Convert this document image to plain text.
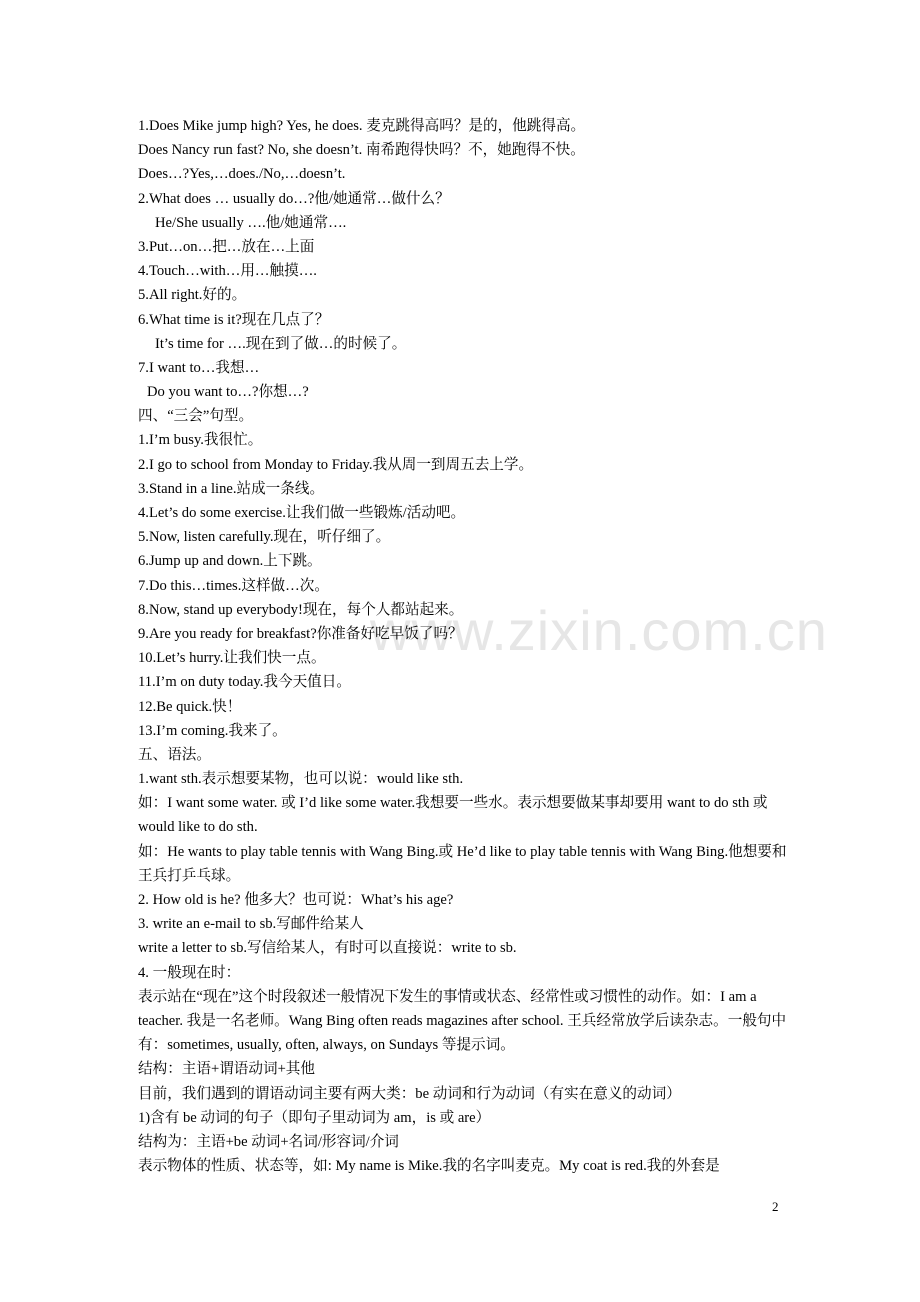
www.zixin.com.cn
1.Does Mike jump high? Yes, he does. 麦克跳得高吗？是的，他跳得高。
Does Nancy run fast? No, she doesn’t. 南希跑得快吗？不，她跑得不快。
Does…?Yes,…does./No,…doesn’t.
2.What does … usually do…?他/她通常…做什么？
He/She usually ….他/她通常….
3.Put…on…把…放在…上面
4.Touch…with…用…触摸….
5.All right.好的。
6.What time is it?现在几点了？
It’s time for ….现在到了做…的时候了。
7.I want to…我想…
Do you want to…?你想…?
四、“三会”句型。
1.I’m busy.我很忙。
2.I go to school from Monday to Friday.我从周一到周五去上学。
3.Stand in a line.站成一条线。
4.Let’s do some exercise.让我们做一些锻炼/活动吧。
5.Now, listen carefully.现在，听仔细了。
6.Jump up and down.上下跳。
7.Do this…times.这样做…次。
8.Now, stand up everybody!现在，每个人都站起来。
9.Are you ready for breakfast?你准备好吃早饭了吗？
10.Let’s hurry.让我们快一点。
11.I’m on duty today.我今天值日。
12.Be quick.快！
13.I’m coming.我来了。
五、语法。
1.want sth.表示想要某物，也可以说：would like sth.
如：I want some water. 或 I’d like some water.我想要一些水。表示想要做某事却要用 want to do sth 或 would like to do sth.
如：He wants to play table tennis with Wang Bing.或 He’d like to play table tennis with Wang Bing.他想要和王兵打乒乓球。
2. How old is he? 他多大？也可说：What’s his age?
3. write an e-mail to sb.写邮件给某人
write a letter to sb.写信给某人，有时可以直接说：write to sb.
4. 一般现在时：
表示站在“现在”这个时段叙述一般情况下发生的事情或状态、经常性或习惯性的动作。如：I am a teacher. 我是一名老师。Wang Bing often reads magazines after school. 王兵经常放学后读杂志。一般句中有：sometimes, usually, often, always, on Sundays 等提示词。
结构：主语+谓语动词+其他
目前，我们遇到的谓语动词主要有两大类：be 动词和行为动词（有实在意义的动词）
1)含有 be 动词的句子（即句子里动词为 am，is 或 are）
结构为：主语+be 动词+名词/形容词/介词
表示物体的性质、状态等，如: My name is Mike.我的名字叫麦克。My coat is red.我的外套是
2
